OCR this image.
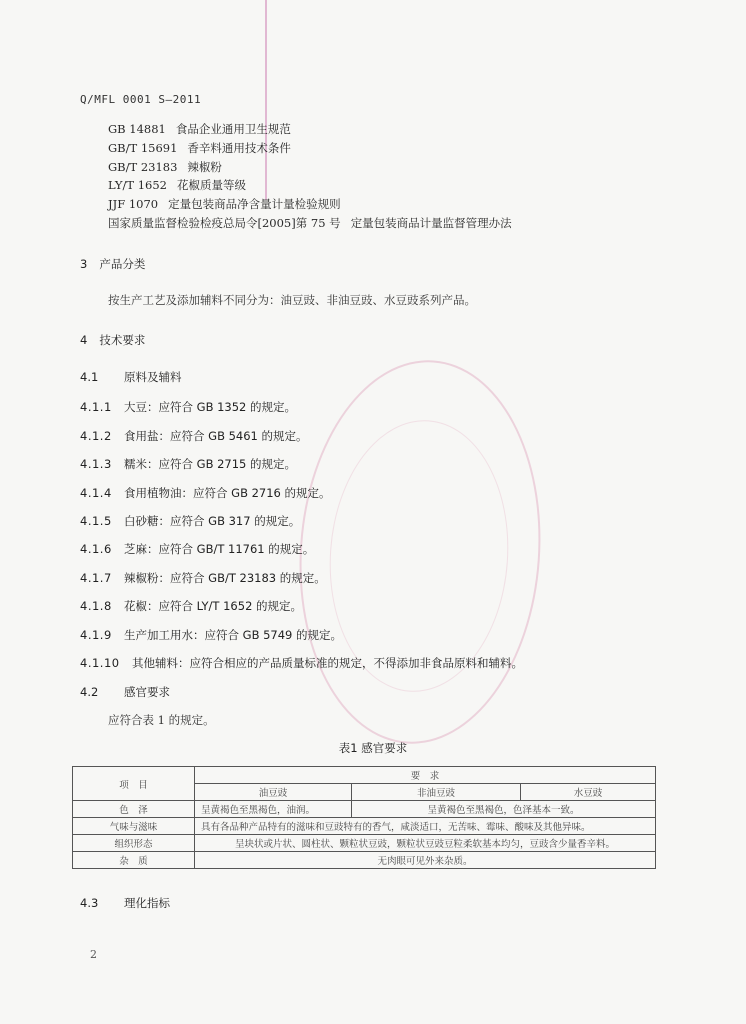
Q/MFL 0001 S—2011
GB 14881 食品企业通用卫生规范
GB/T 15691 香辛料通用技术条件
GB/T 23183 辣椒粉
LY/T 1652 花椒质量等级
JJF 1070 定量包装商品净含量计量检验规则
国家质量监督检验检疫总局令[2005]第 75 号 定量包装商品计量监督管理办法
3 产品分类
按生产工艺及添加辅料不同分为：油豆豉、非油豆豉、水豆豉系列产品。
4 技术要求
4.1 原料及辅料
4.1.1 大豆：应符合 GB 1352 的规定。
4.1.2 食用盐：应符合 GB 5461 的规定。
4.1.3 糯米：应符合 GB 2715 的规定。
4.1.4 食用植物油：应符合 GB 2716 的规定。
4.1.5 白砂糖：应符合 GB 317 的规定。
4.1.6 芝麻：应符合 GB/T 11761 的规定。
4.1.7 辣椒粉：应符合 GB/T 23183 的规定。
4.1.8 花椒：应符合 LY/T 1652 的规定。
4.1.9 生产加工用水：应符合 GB 5749 的规定。
4.1.10 其他辅料：应符合相应的产品质量标准的规定，不得添加非食品原料和辅料。
4.2 感官要求
应符合表 1 的规定。
表1 感官要求
项　目	要　求		
	油豆豉	非油豆豉	水豆豉
色　泽	呈黄褐色至黑褐色，油润。	呈黄褐色至黑褐色，色泽基本一致。	
气味与滋味	具有各品种产品特有的滋味和豆豉特有的香气，咸淡适口，无苦味、霉味、酸味及其他异味。		
组织形态	呈块状或片状、圆柱状、颗粒状豆豉，颗粒状豆豉豆粒柔软基本均匀，豆豉含少量香辛料。		
杂　质	无肉眼可见外来杂质。		
4.3 理化指标
2
